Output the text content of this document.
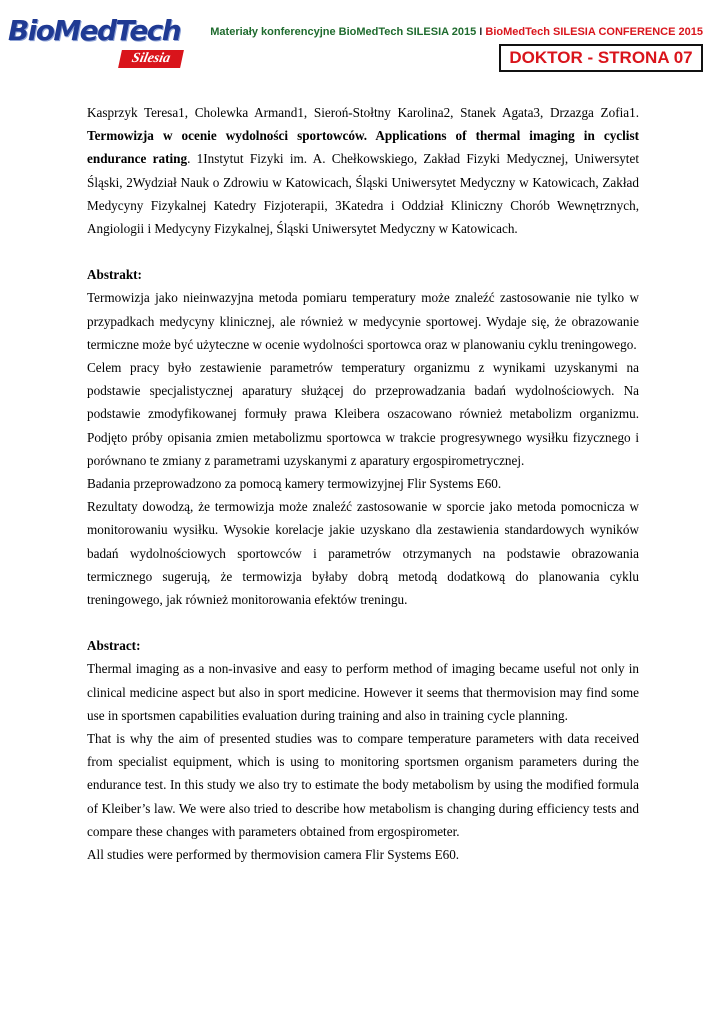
BioMedTech
Silesia
Materiały konferencyjne BioMedTech SILESIA 2015 I BioMedTech SILESIA CONFERENCE 2015
DOKTOR - STRONA 07

Kasprzyk Teresa1, Cholewka Armand1, Sieroń-Stołtny Karolina2, Stanek Agata3, Drzazga Zofia1. Termowizja w ocenie wydolności sportowców. Applications of thermal imaging in cyclist endurance rating. 1Instytut Fizyki im. A. Chełkowskiego, Zakład Fizyki Medycznej, Uniwersytet Śląski, 2Wydział Nauk o Zdrowiu w Katowicach, Śląski Uniwersytet Medyczny w Katowicach, Zakład Medycyny Fizykalnej Katedry Fizjoterapii, 3Katedra i Oddział Kliniczny Chorób Wewnętrznych, Angiologii i Medycyny Fizykalnej, Śląski Uniwersytet Medyczny w Katowicach.

Abstrakt:

Termowizja jako nieinwazyjna metoda pomiaru temperatury może znaleźć zastosowanie nie tylko w przypadkach medycyny klinicznej, ale również w medycynie sportowej. Wydaje się, że obrazowanie termiczne może być użyteczne w ocenie wydolności sportowca oraz w planowaniu cyklu treningowego.

Celem pracy było zestawienie parametrów temperatury organizmu z wynikami uzyskanymi na podstawie specjalistycznej aparatury służącej do przeprowadzania badań wydolnościowych. Na podstawie zmodyfikowanej formuły prawa Kleibera oszacowano również metabolizm organizmu. Podjęto próby opisania zmien metabolizmu sportowca w trakcie progresywnego wysiłku fizycznego i porównano te zmiany z parametrami uzyskanymi z aparatury ergospirometrycznej.

Badania przeprowadzono za pomocą kamery termowizyjnej Flir Systems E60.

Rezultaty dowodzą, że termowizja może znaleźć zastosowanie w sporcie jako metoda pomocnicza w monitorowaniu wysiłku. Wysokie korelacje jakie uzyskano dla zestawienia standardowych wyników badań wydolnościowych sportowców i parametrów otrzymanych na podstawie obrazowania termicznego sugerują, że termowizja byłaby dobrą metodą dodatkową do planowania cyklu treningowego, jak również monitorowania efektów treningu.

Abstract:

Thermal imaging as a non-invasive and easy to perform method of imaging became useful not only in clinical medicine aspect but also in sport medicine. However it seems that thermovision may find some use in sportsmen capabilities evaluation during training and also in training cycle planning.

That is why the aim of presented studies was to compare temperature parameters with data received from specialist equipment, which is using to monitoring sportsmen organism parameters during the endurance test. In this study we also try to estimate the body metabolism by using the modified formula of Kleiber’s law. We were also tried to describe how metabolism is changing during efficiency tests and compare these changes with parameters obtained from ergospirometer.

All studies were performed by thermovision camera Flir Systems E60.
